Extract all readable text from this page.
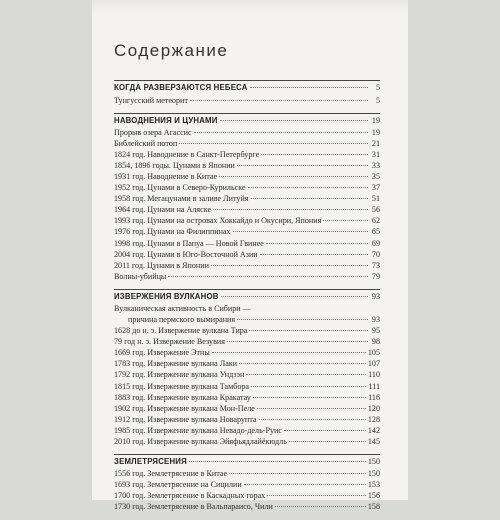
Содержание
КОГДА РАЗВЕРЗАЮТСЯ НЕБЕСА	5
Тунгусский метеорит	5
НАВОДНЕНИЯ И ЦУНАМИ	19
Прорыв озера Агассис	19
Библейский потоп	21
1824 год. Наводнение в Санкт-Петербурге	31
1854, 1896 годы. Цунами в Японии	33
1931 год. Наводнение в Китае	35
1952 год. Цунами в Северо-Курильске	37
1958 год. Мегацунами в заливе Литуйя	51
1964 год. Цунами на Аляске	56
1993 год. Цунами на островах Хоккайдо и Окусири, Япония	62
1976 год. Цунами на Филиппинах	65
1998 год. Цунами в Папуа — Новой Гвинее	69
2004 год. Цунами в Юго-Восточной Азии	70
2011 год. Цунами в Японии	73
Волны-убийцы	79
ИЗВЕРЖЕНИЯ ВУЛКАНОВ	93
Вулканическая активность в Сибири —
причина пермского вымирания	93
1628 до н. э. Извержение вулкана Тира	95
79 год н. э. Извержение Везувия	98
1669 год. Извержение Этны	105
1783 год. Извержение вулкана Лаки	107
1792 год. Извержение вулкана Ундзэн	110
1815 год. Извержение вулкана Тамбора	111
1883 год. Извержение вулкана Кракатау	116
1902 год. Извержение вулкана Мон-Пеле	120
1912 год. Извержение вулкана Новарупта	128
1985 год. Извержение вулкана Невадо-дель-Руис	142
2010 год. Извержение вулкана Эйяфьядлайёкюдль	145
ЗЕМЛЕТРЯСЕНИЯ	150
1556 год. Землетрясение в Китае	150
1693 год. Землетрясение на Сицилии	153
1700 год. Землетрясение в Каскадных горах	156
1730 год. Землетрясение в Вальпараисо, Чили	158
